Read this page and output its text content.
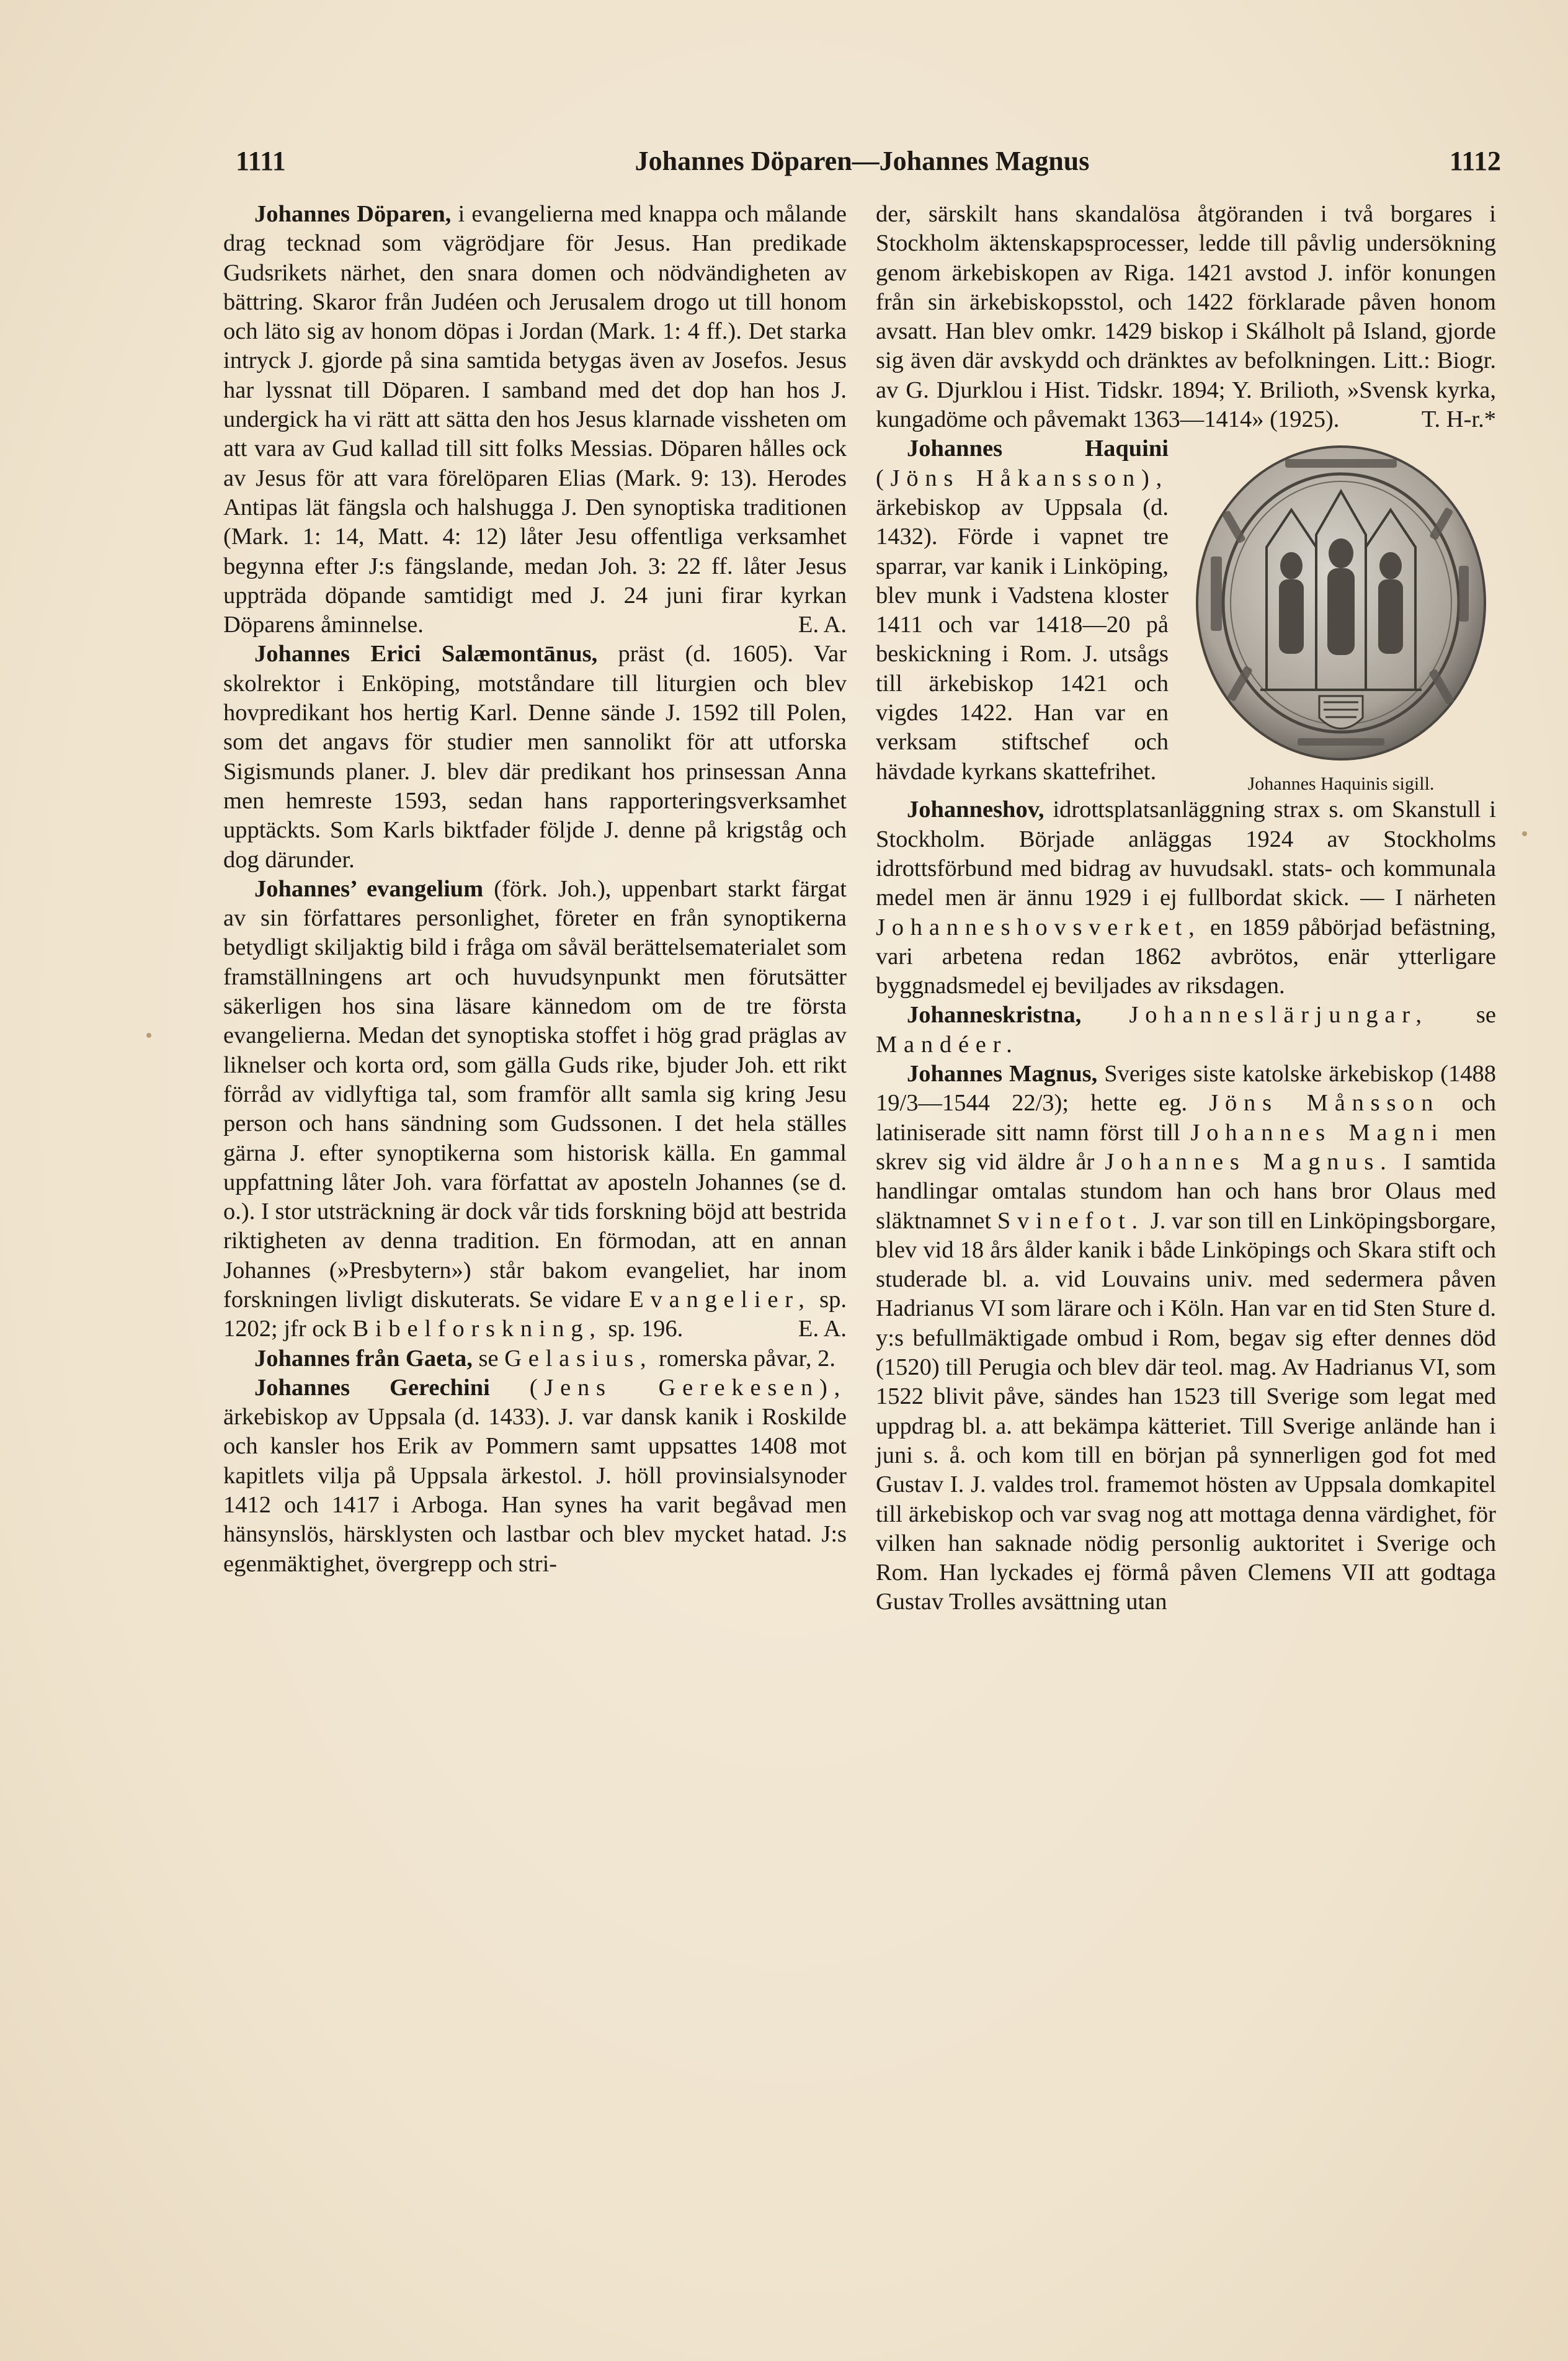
1111	Johannes Döparen—Johannes Magnus	1112

Johannes Döparen, i evangelierna med knappa och målande drag tecknad som vägrödjare för Jesus. Han predikade Gudsrikets närhet, den snara domen och nödvändigheten av bättring. Skaror från Judéen och Jerusalem drogo ut till honom och läto sig av honom döpas i Jordan (Mark. 1: 4 ff.). Det starka intryck J. gjorde på sina samtida betygas även av Josefos. Jesus har lyssnat till Döparen. I samband med det dop han hos J. undergick ha vi rätt att sätta den hos Jesus klarnade vissheten om att vara av Gud kallad till sitt folks Messias. Döparen hålles ock av Jesus för att vara förelöparen Elias (Mark. 9: 13). Herodes Antipas lät fängsla och halshugga J. Den synoptiska traditionen (Mark. 1: 14, Matt. 4: 12) låter Jesu offentliga verksamhet begynna efter J:s fängslande, medan Joh. 3: 22 ff. låter Jesus uppträda döpande samtidigt med J. 24 juni firar kyrkan Döparens åminnelse.	E. A.

Johannes Erici Salæmontānus, präst (d. 1605). Var skolrektor i Enköping, motståndare till liturgien och blev hovpredikant hos hertig Karl. Denne sände J. 1592 till Polen, som det angavs för studier men sannolikt för att utforska Sigismunds planer. J. blev där predikant hos prinsessan Anna men hemreste 1593, sedan hans rapporteringsverksamhet upptäckts. Som Karls biktfader följde J. denne på krigståg och dog därunder.

Johannes’ evangelium (förk. Joh.), uppenbart starkt färgat av sin författares personlighet, företer en från synoptikerna betydligt skiljaktig bild i fråga om såväl berättelsematerialet som framställningens art och huvudsynpunkt men förutsätter säkerligen hos sina läsare kännedom om de tre första evangelierna. Medan det synoptiska stoffet i hög grad präglas av liknelser och korta ord, som gälla Guds rike, bjuder Joh. ett rikt förråd av vidlyftiga tal, som framför allt samla sig kring Jesu person och hans sändning som Gudssonen. I det hela ställes gärna J. efter synoptikerna som historisk källa. En gammal uppfattning låter Joh. vara författat av aposteln Johannes (se d. o.). I stor utsträckning är dock vår tids forskning böjd att bestrida riktigheten av denna tradition. En förmodan, att en annan Johannes (»Presbytern») står bakom evangeliet, har inom forskningen livligt diskuterats. Se vidare Evangelier, sp. 1202; jfr ock Bibelforskning, sp. 196.	E. A.

Johannes från Gaeta, se Gelasius, romerska påvar, 2.

Johannes Gerechini (Jens Gerekesen), ärkebiskop av Uppsala (d. 1433). J. var dansk kanik i Roskilde och kansler hos Erik av Pommern samt uppsattes 1408 mot kapitlets vilja på Uppsala ärkestol. J. höll provinsialsynoder 1412 och 1417 i Arboga. Han synes ha varit begåvad men hänsynslös, härsklysten och lastbar och blev mycket hatad. J:s egenmäktighet, övergrepp och stri-

der, särskilt hans skandalösa åtgöranden i två borgares i Stockholm äktenskapsprocesser, ledde till påvlig undersökning genom ärkebiskopen av Riga. 1421 avstod J. inför konungen från sin ärkebiskopsstol, och 1422 förklarade påven honom avsatt. Han blev omkr. 1429 biskop i Skálholt på Island, gjorde sig även där avskydd och dränktes av befolkningen. Litt.: Biogr. av G. Djurklou i Hist. Tidskr. 1894; Y. Brilioth, »Svensk kyrka, kungadöme och påvemakt 1363—1414» (1925).	T. H-r.*

Johannes Haquinis sigill.
Johannes Haquini (Jöns Håkansson), ärkebiskop av Uppsala (d. 1432). Förde i vapnet tre sparrar, var kanik i Linköping, blev munk i Vadstena kloster 1411 och var 1418—20 på beskickning i Rom. J. utsågs till ärkebiskop 1421 och vigdes 1422. Han var en verksam stiftschef och hävdade kyrkans skattefrihet.

Johanneshov, idrottsplatsanläggning strax s. om Skanstull i Stockholm. Började anläggas 1924 av Stockholms idrottsförbund med bidrag av huvudsakl. stats- och kommunala medel men är ännu 1929 i ej fullbordat skick. — I närheten Johanneshovsverket, en 1859 påbörjad befästning, vari arbetena redan 1862 avbrötos, enär ytterligare byggnadsmedel ej beviljades av riksdagen.

Johanneskristna, Johanneslärjungar, se Mandéer.

Johannes Magnus, Sveriges siste katolske ärkebiskop (1488 19/3—1544 22/3); hette eg. Jöns Månsson och latiniserade sitt namn först till Johannes Magni men skrev sig vid äldre år Johannes Magnus. I samtida handlingar omtalas stundom han och hans bror Olaus med släktnamnet Svinefot. J. var son till en Linköpingsborgare, blev vid 18 års ålder kanik i både Linköpings och Skara stift och studerade bl. a. vid Louvains univ. med sedermera påven Hadrianus VI som lärare och i Köln. Han var en tid Sten Sture d. y:s befullmäktigade ombud i Rom, begav sig efter dennes död (1520) till Perugia och blev där teol. mag. Av Hadrianus VI, som 1522 blivit påve, sändes han 1523 till Sverige som legat med uppdrag bl. a. att bekämpa kätteriet. Till Sverige anlände han i juni s. å. och kom till en början på synnerligen god fot med Gustav I. J. valdes trol. framemot hösten av Uppsala domkapitel till ärkebiskop och var svag nog att mottaga denna värdighet, för vilken han saknade nödig personlig auktoritet i Sverige och Rom. Han lyckades ej förmå påven Clemens VII att godtaga Gustav Trolles avsättning utan
